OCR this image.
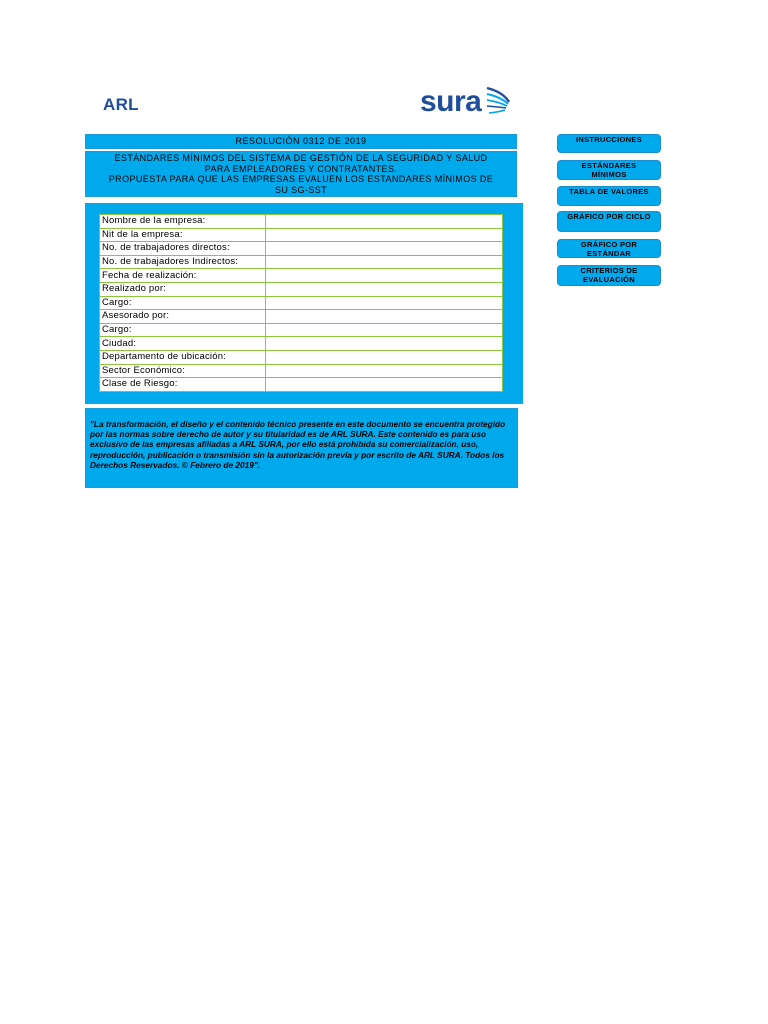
ARL	sura
RESOLUCIÓN 0312 DE 2019
ESTÁNDARES MÍNIMOS DEL SISTEMA DE GESTIÓN DE LA SEGURIDAD Y SALUD
PARA EMPLEADORES Y CONTRATANTES.
PROPUESTA PARA QUE LAS EMPRESAS EVALUEN LOS ESTANDARES MÍNIMOS DE
SU SG-SST
Nombre de la empresa:	
Nit de la empresa:	
No. de trabajadores directos:	
No. de trabajadores Indirectos:	
Fecha de realización:	
Realizado por:	
Cargo:	
Asesorado por:	
Cargo:	
Ciudad:	
Departamento de ubicación:	
Sector Económico:	
Clase de Riesgo:	
"La transformación, el diseño y el contenido técnico presente en este documento se encuentra protegido por las normas sobre derecho de autor y su titularidad es de ARL SURA. Este contenido es para uso exclusivo de las empresas afiliadas a ARL SURA, por ello está prohibida su comercialización, uso, reproducción, publicación o transmisión sin la autorización previa y por escrito de ARL SURA. Todos los Derechos Reservados. © Febrero de 2019".
INSTRUCCIONES
ESTÁNDARES MÍNIMOS
TABLA DE VALORES
GRÁFICO POR CICLO
GRÁFICO POR ESTÁNDAR
CRITERIOS DE EVALUACIÓN
